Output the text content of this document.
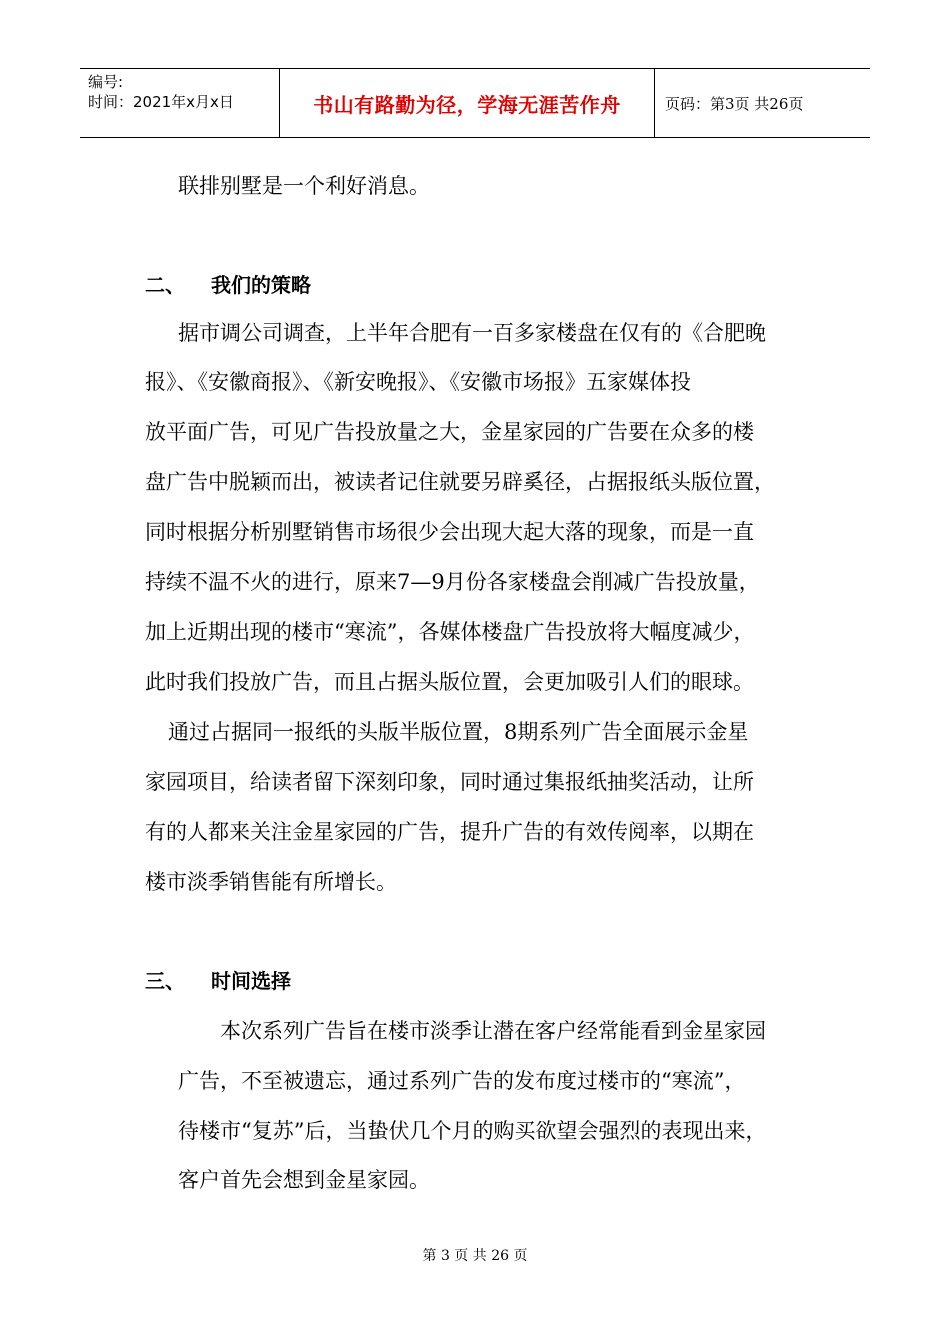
编号:
时间：2021年x月x日	书山有路勤为径，学海无涯苦作舟	页码：第3页 共26页
联排别墅是一个利好消息。
二、 我们的策略
据市调公司调查，上半年合肥有一百多家楼盘在仅有的《合肥晚
报》、《安徽商报》、《新安晚报》、《安徽市场报》五家媒体投
放平面广告，可见广告投放量之大，金星家园的广告要在众多的楼
盘广告中脱颖而出，被读者记住就要另辟奚径，占据报纸头版位置，
同时根据分析别墅销售市场很少会出现大起大落的现象，而是一直
持续不温不火的进行，原来7—9月份各家楼盘会削减广告投放量，
加上近期出现的楼市“寒流”，各媒体楼盘广告投放将大幅度减少，
此时我们投放广告，而且占据头版位置，会更加吸引人们的眼球。
通过占据同一报纸的头版半版位置，8期系列广告全面展示金星
家园项目，给读者留下深刻印象，同时通过集报纸抽奖活动，让所
有的人都来关注金星家园的广告，提升广告的有效传阅率，以期在
楼市淡季销售能有所增长。
三、 时间选择
本次系列广告旨在楼市淡季让潜在客户经常能看到金星家园
广告，不至被遗忘，通过系列广告的发布度过楼市的“寒流”，
待楼市“复苏”后，当蛰伏几个月的购买欲望会强烈的表现出来，
客户首先会想到金星家园。
第 3 页 共 26 页
